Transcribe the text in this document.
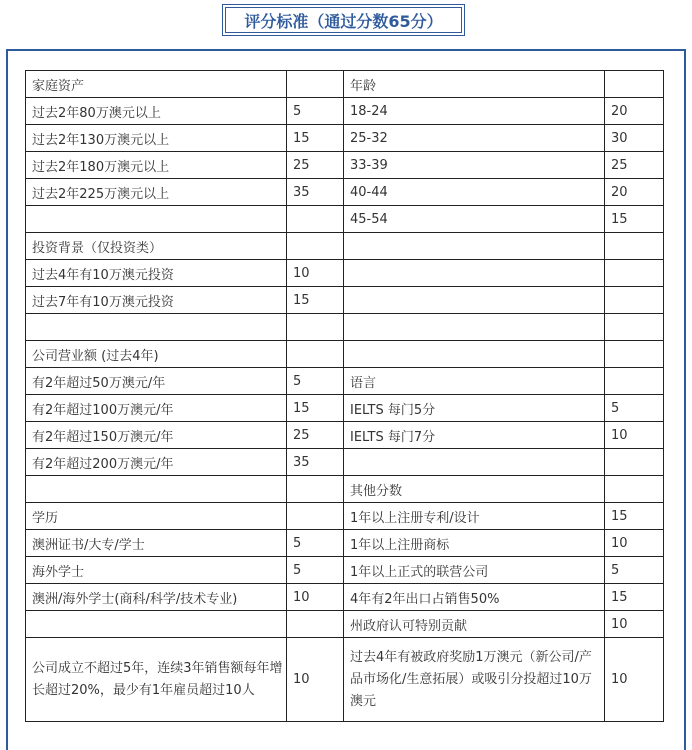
评分标准（通过分数65分）
家庭资产		年龄	
过去2年80万澳元以上	5	18-24	20
过去2年130万澳元以上	15	25-32	30
过去2年180万澳元以上	25	33-39	25
过去2年225万澳元以上	35	40-44	20
		45-54	15
投资背景（仅投资类）			
过去4年有10万澳元投资	10		
过去7年有10万澳元投资	15		

公司营业额 (过去4年)			
有2年超过50万澳元/年	5	语言	
有2年超过100万澳元/年	15	IELTS 每门5分	5
有2年超过150万澳元/年	25	IELTS 每门7分	10
有2年超过200万澳元/年	35		
		其他分数	
学历		1年以上注册专利/设计	15
澳洲证书/大专/学士	5	1年以上注册商标	10
海外学士	5	1年以上正式的联营公司	5
澳洲/海外学士(商科/科学/技术专业)	10	4年有2年出口占销售50%	15
		州政府认可特别贡献	10
公司成立不超过5年，连续3年销售额每年增长超过20%，最少有1年雇员超过10人	10	过去4年有被政府奖励1万澳元（新公司/产品市场化/生意拓展）或吸引分投超过10万澳元	10
